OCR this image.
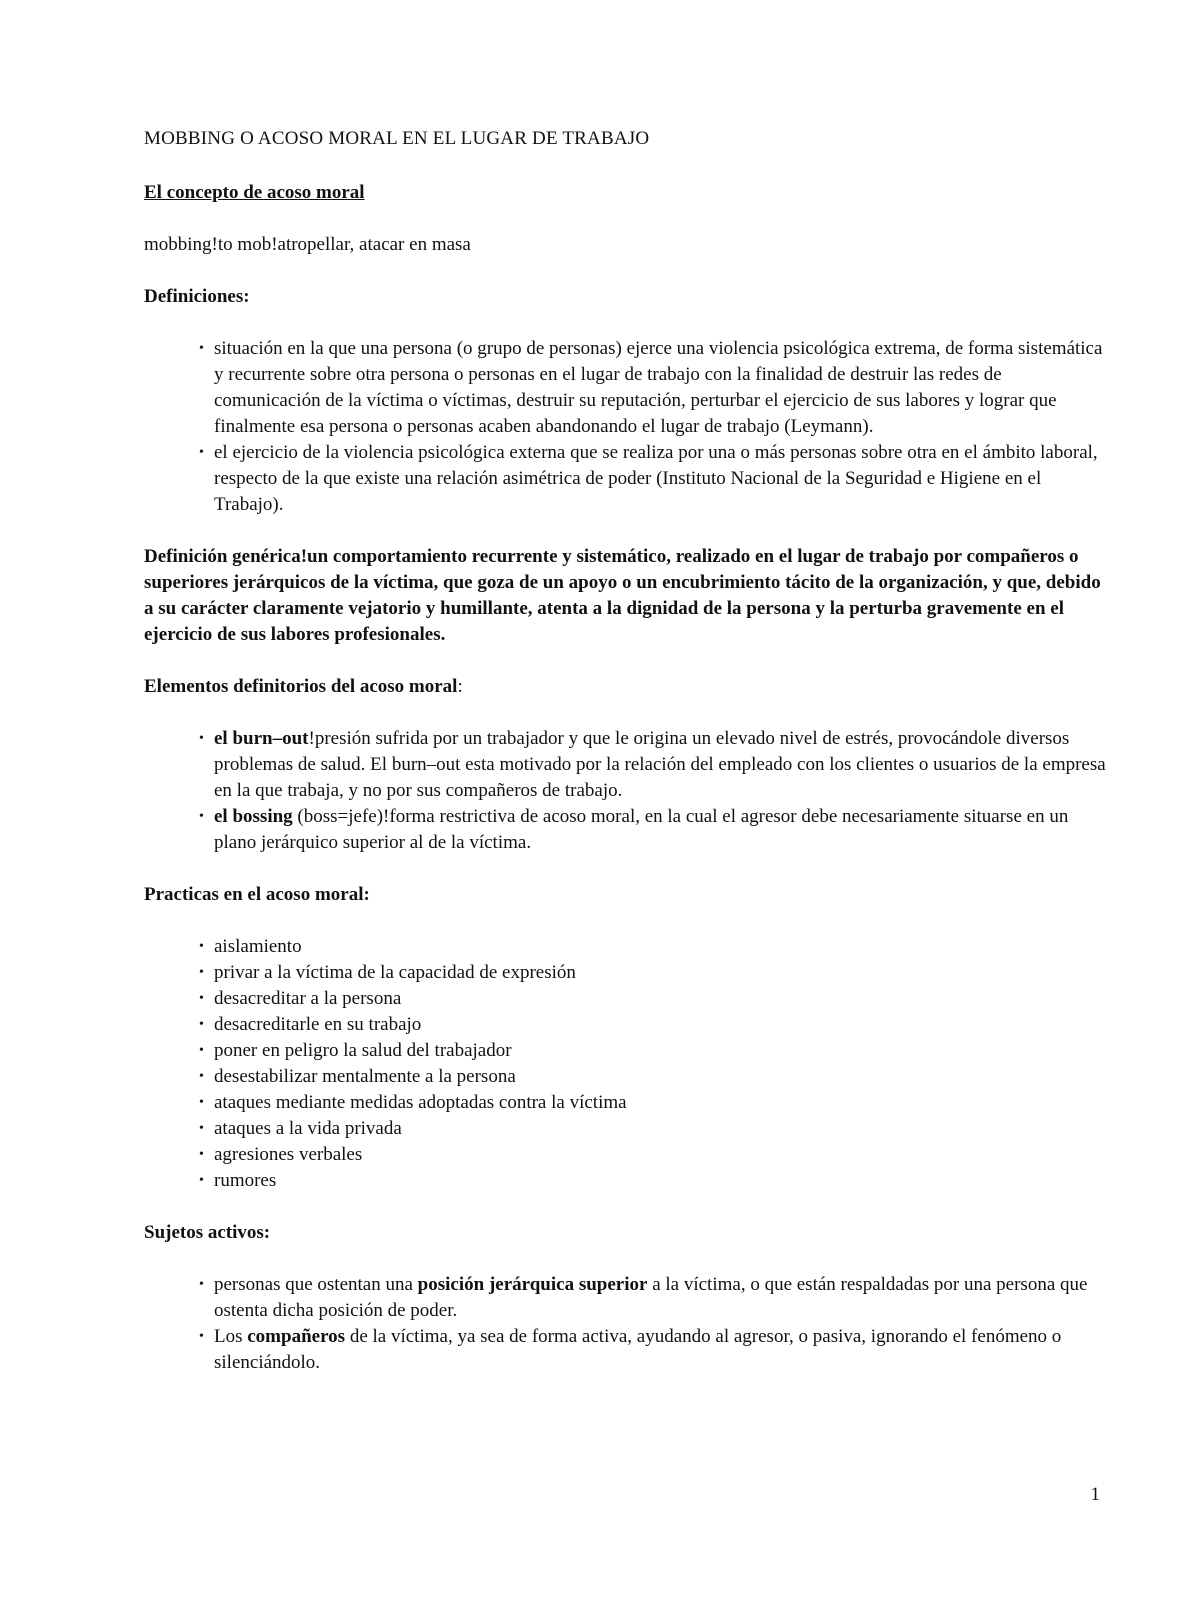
MOBBING O ACOSO MORAL EN EL LUGAR DE TRABAJO

El concepto de acoso moral

mobbing!to mob!atropellar, atacar en masa

Definiciones:

• situación en la que una persona (o grupo de personas) ejerce una violencia psicológica extrema, de forma sistemática y recurrente sobre otra persona o personas en el lugar de trabajo con la finalidad de destruir las redes de comunicación de la víctima o víctimas, destruir su reputación, perturbar el ejercicio de sus labores y lograr que finalmente esa persona o personas acaben abandonando el lugar de trabajo (Leymann).
• el ejercicio de la violencia psicológica externa que se realiza por una o más personas sobre otra en el ámbito laboral, respecto de la que existe una relación asimétrica de poder (Instituto Nacional de la Seguridad e Higiene en el Trabajo).

Definición genérica!un comportamiento recurrente y sistemático, realizado en el lugar de trabajo por compañeros o superiores jerárquicos de la víctima, que goza de un apoyo o un encubrimiento tácito de la organización, y que, debido a su carácter claramente vejatorio y humillante, atenta a la dignidad de la persona y la perturba gravemente en el ejercicio de sus labores profesionales.

Elementos definitorios del acoso moral:

• el burn–out!presión sufrida por un trabajador y que le origina un elevado nivel de estrés, provocándole diversos problemas de salud. El burn–out esta motivado por la relación del empleado con los clientes o usuarios de la empresa en la que trabaja, y no por sus compañeros de trabajo.
• el bossing (boss=jefe)!forma restrictiva de acoso moral, en la cual el agresor debe necesariamente situarse en un plano jerárquico superior al de la víctima.

Practicas en el acoso moral:

• aislamiento
• privar a la víctima de la capacidad de expresión
• desacreditar a la persona
• desacreditarle en su trabajo
• poner en peligro la salud del trabajador
• desestabilizar mentalmente a la persona
• ataques mediante medidas adoptadas contra la víctima
• ataques a la vida privada
• agresiones verbales
• rumores

Sujetos activos:

• personas que ostentan una posición jerárquica superior a la víctima, o que están respaldadas por una persona que ostenta dicha posición de poder.
• Los compañeros de la víctima, ya sea de forma activa, ayudando al agresor, o pasiva, ignorando el fenómeno o silenciándolo.
1
